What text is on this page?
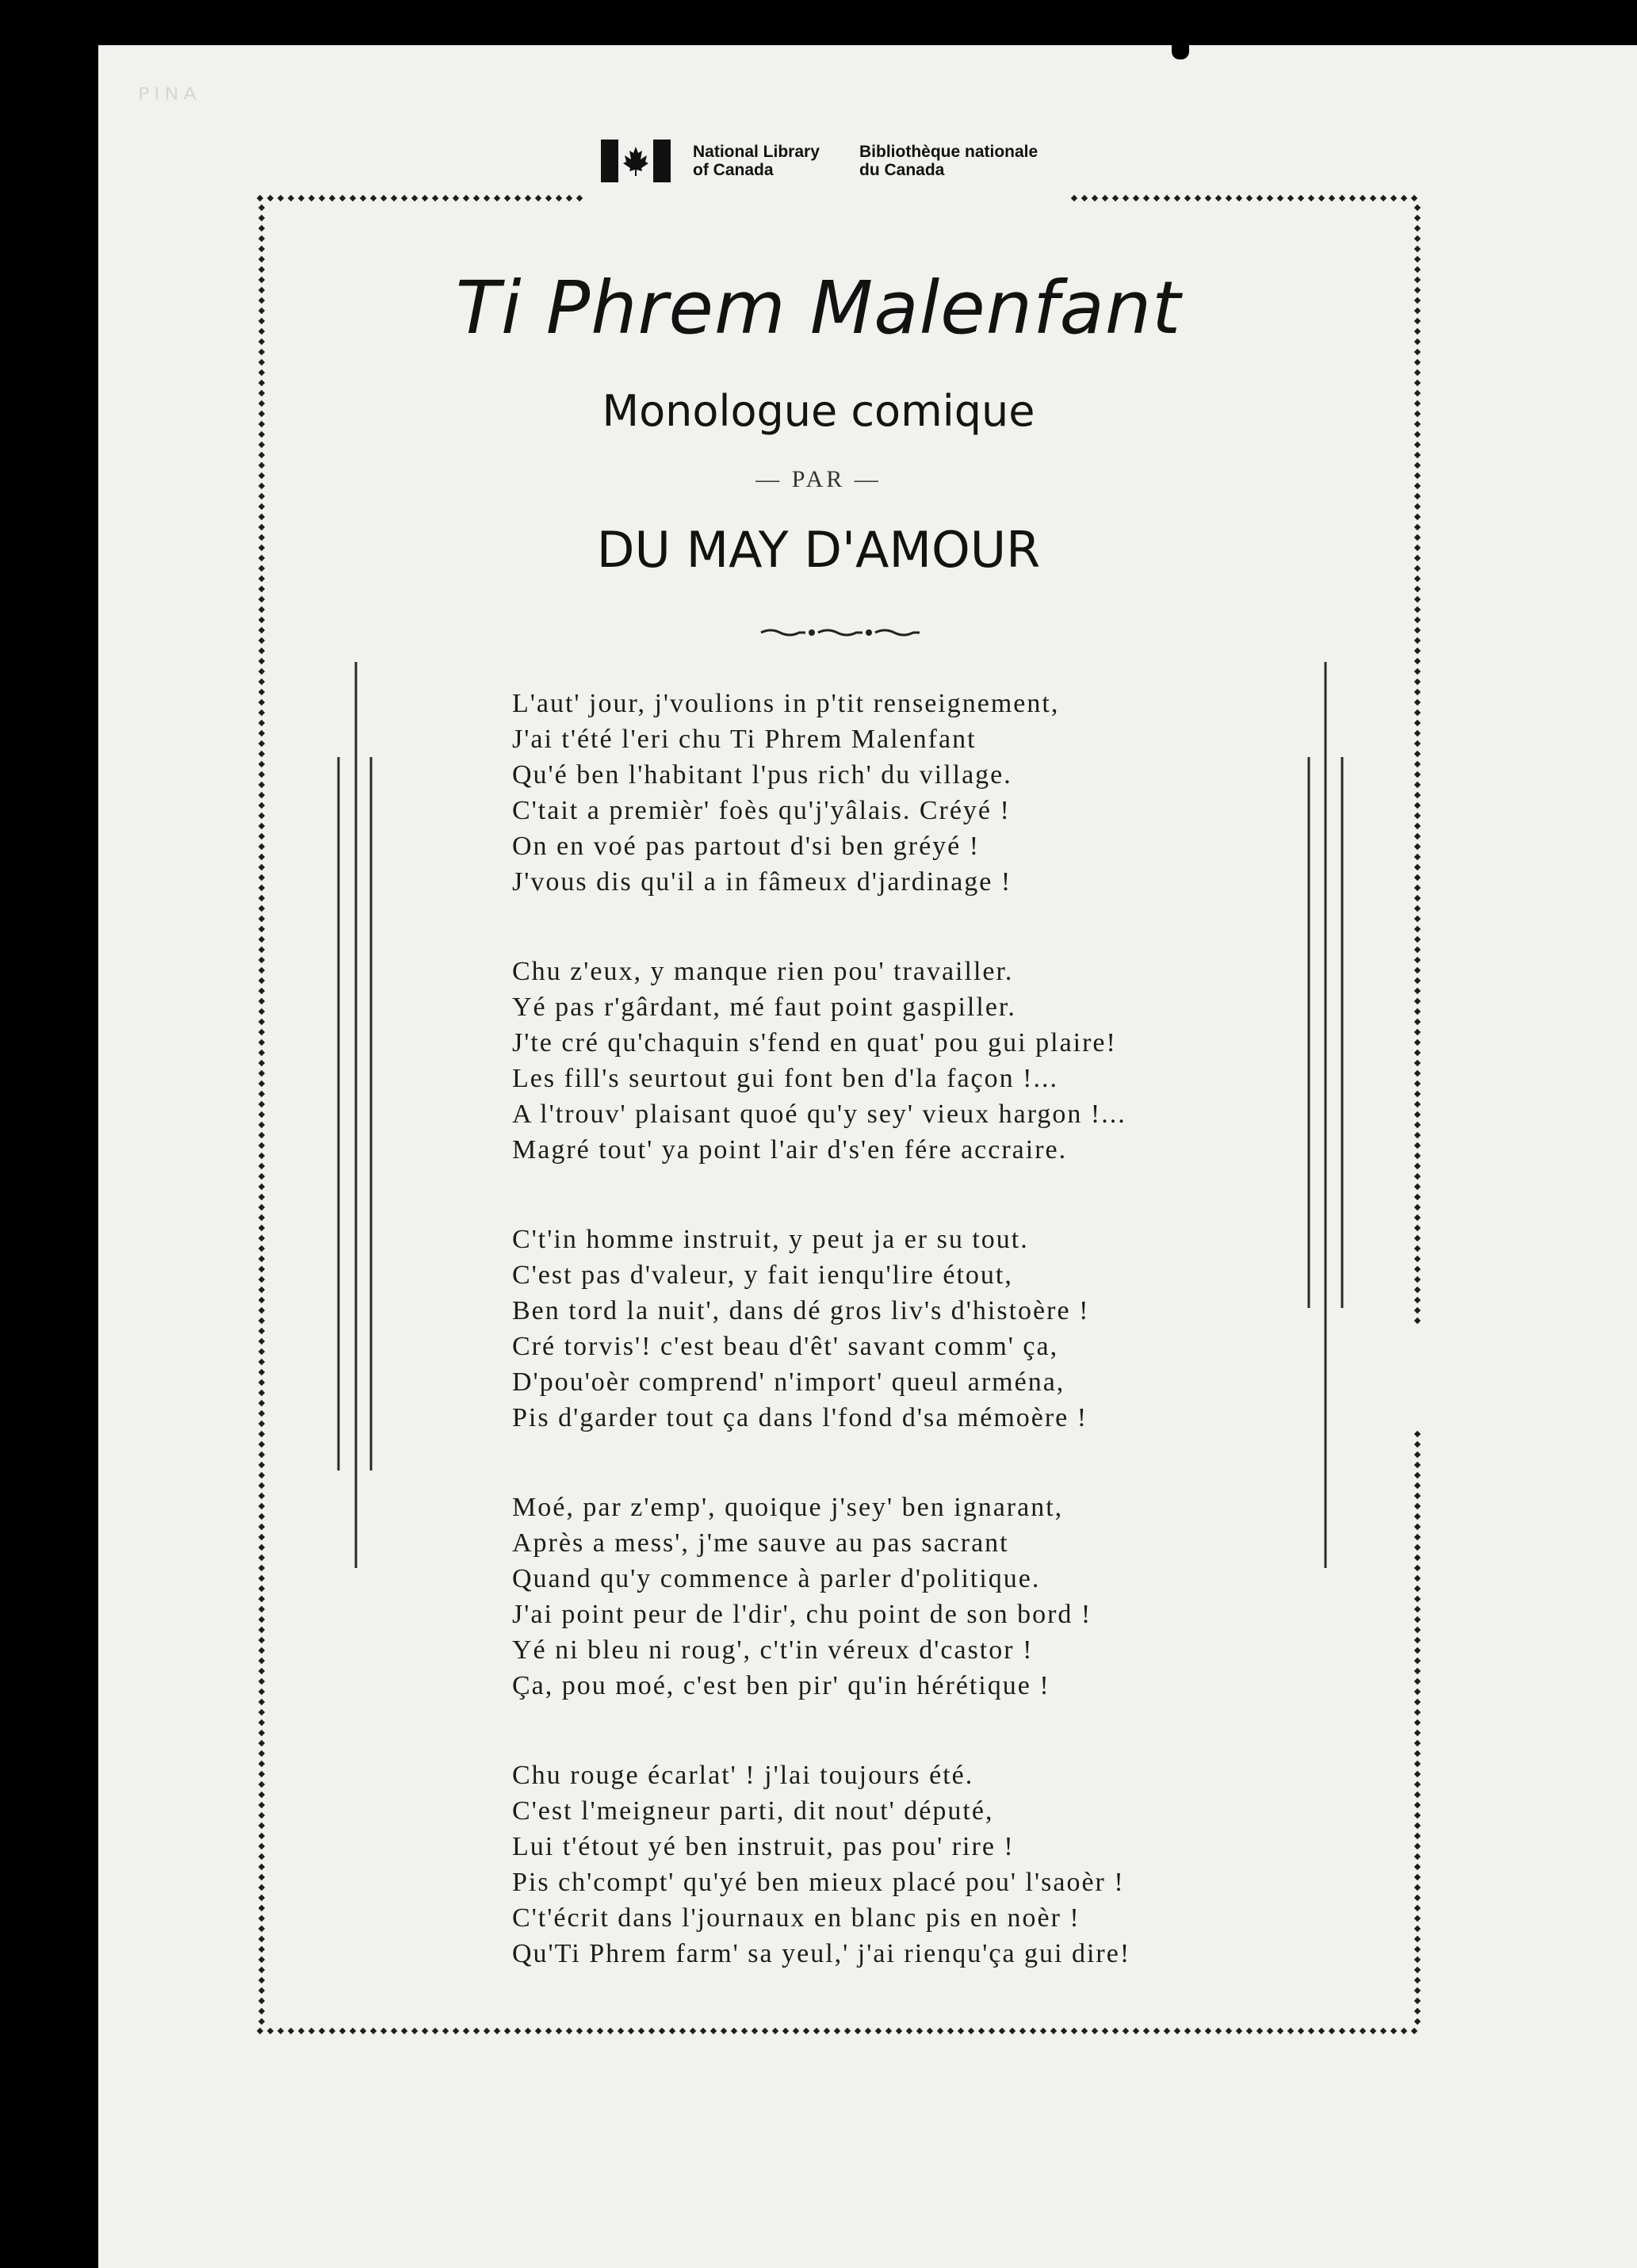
ᴾᴵᴺᴬ
National Library
of Canada
Bibliothèque nationale
du Canada
Ti Phrem Malenfant
Monologue comique
— PAR —
DU MAY D'AMOUR
L'aut' jour, j'voulions in p'tit renseignement,
J'ai t'été l'eri chu Ti Phrem Malenfant
Qu'é ben l'habitant l'pus rich' du village.
C'tait a premièr' foès qu'j'yâlais. Créyé !
On en voé pas partout d'si ben gréyé !
J'vous dis qu'il a in fâmeux d'jardinage !
Chu z'eux, y manque rien pou' travailler.
Yé pas r'gârdant, mé faut point gaspiller.
J'te cré qu'chaquin s'fend en quat' pou gui plaire!
Les fill's seurtout gui font ben d'la façon !...
A l'trouv' plaisant quoé qu'y sey' vieux hargon !...
Magré tout' ya point l'air d's'en fére accraire.
C't'in homme instruit, y peut ja er su tout.
C'est pas d'valeur, y fait ienqu'lire étout,
Ben tord la nuit', dans dé gros liv's d'histoère !
Cré torvis'! c'est beau d'êt' savant comm' ça,
D'pou'oèr comprend' n'import' queul arména,
Pis d'garder tout ça dans l'fond d'sa mémoère !
Moé, par z'emp', quoique j'sey' ben ignarant,
Après a mess', j'me sauve au pas sacrant
Quand qu'y commence à parler d'politique.
J'ai point peur de l'dir', chu point de son bord !
Yé ni bleu ni roug', c't'in véreux d'castor !
Ça, pou moé, c'est ben pir' qu'in hérétique !
Chu rouge écarlat' ! j'lai toujours été.
C'est l'meigneur parti, dit nout' député,
Lui t'étout yé ben instruit, pas pou' rire !
Pis ch'compt' qu'yé ben mieux placé pou' l'saoèr !
C't'écrit dans l'journaux en blanc pis en noèr !
Qu'Ti Phrem farm' sa yeul,' j'ai rienqu'ça gui dire!
